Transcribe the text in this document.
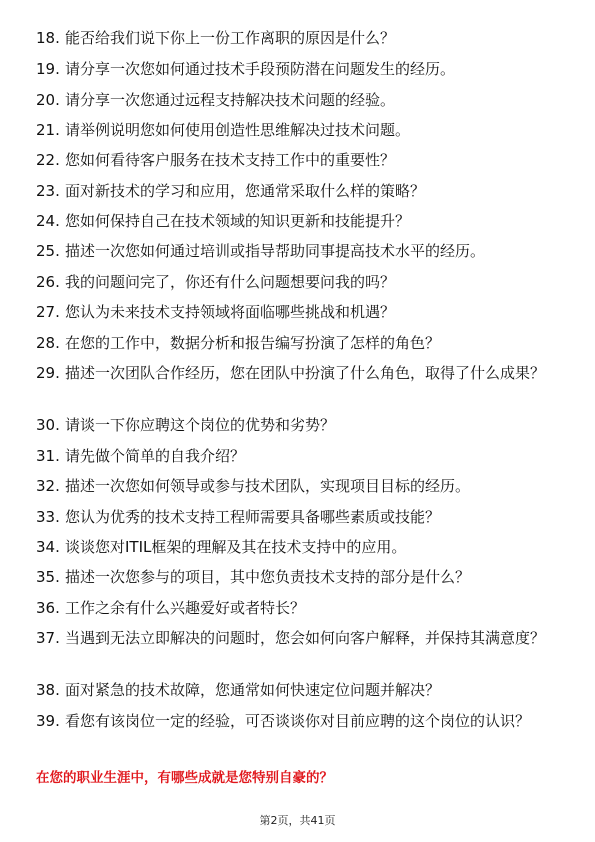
18. 能否给我们说下你上一份工作离职的原因是什么？
19. 请分享一次您如何通过技术手段预防潜在问题发生的经历。
20. 请分享一次您通过远程支持解决技术问题的经验。
21. 请举例说明您如何使用创造性思维解决过技术问题。
22. 您如何看待客户服务在技术支持工作中的重要性？
23. 面对新技术的学习和应用，您通常采取什么样的策略？
24. 您如何保持自己在技术领域的知识更新和技能提升？
25. 描述一次您如何通过培训或指导帮助同事提高技术水平的经历。
26. 我的问题问完了，你还有什么问题想要问我的吗？
27. 您认为未来技术支持领域将面临哪些挑战和机遇？
28. 在您的工作中，数据分析和报告编写扮演了怎样的角色？
29. 描述一次团队合作经历，您在团队中扮演了什么角色，取得了什么成果？
30. 请谈一下你应聘这个岗位的优势和劣势？
31. 请先做个简单的自我介绍？
32. 描述一次您如何领导或参与技术团队，实现项目目标的经历。
33. 您认为优秀的技术支持工程师需要具备哪些素质或技能？
34. 谈谈您对ITIL框架的理解及其在技术支持中的应用。
35. 描述一次您参与的项目，其中您负责技术支持的部分是什么？
36. 工作之余有什么兴趣爱好或者特长？
37. 当遇到无法立即解决的问题时，您会如何向客户解释，并保持其满意度？
38. 面对紧急的技术故障，您通常如何快速定位问题并解决？
39. 看您有该岗位一定的经验，可否谈谈你对目前应聘的这个岗位的认识？
在您的职业生涯中，有哪些成就是您特别自豪的？
第2页，共41页
